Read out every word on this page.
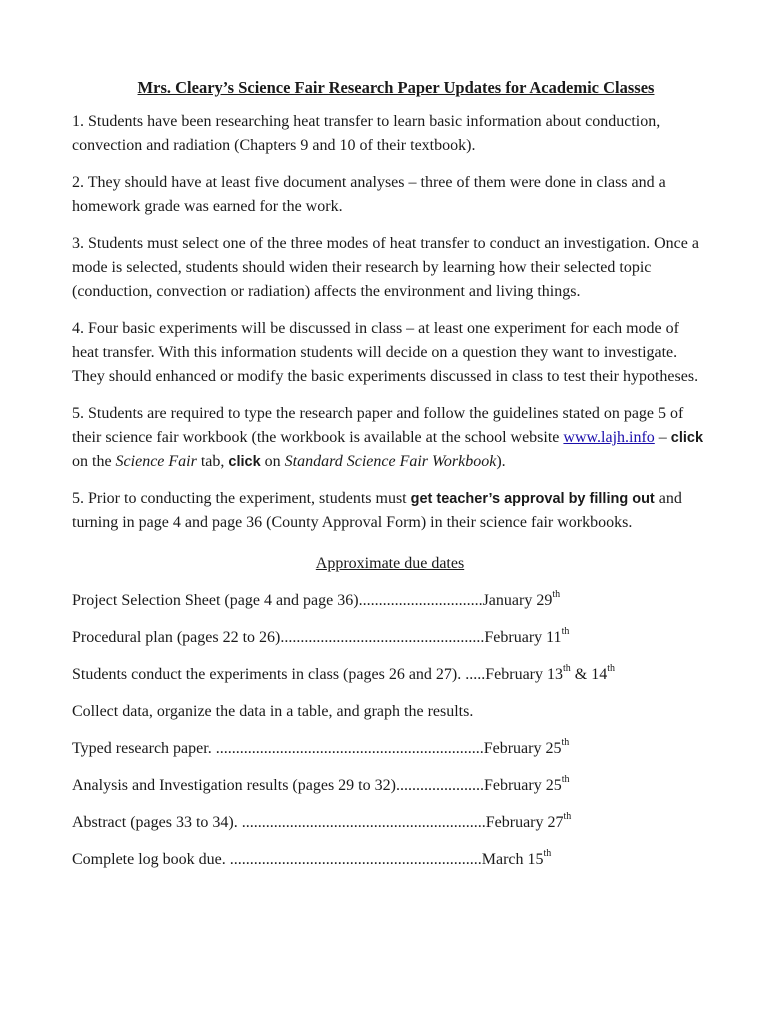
Mrs. Cleary’s Science Fair Research Paper Updates for Academic Classes

1. Students have been researching heat transfer to learn basic information about conduction, convection and radiation (Chapters 9 and 10 of their textbook).

2. They should have at least five document analyses – three of them were done in class and a homework grade was earned for the work.

3. Students must select one of the three modes of heat transfer to conduct an investigation. Once a mode is selected, students should widen their research by learning how their selected topic (conduction, convection or radiation) affects the environment and living things.

4. Four basic experiments will be discussed in class – at least one experiment for each mode of heat transfer. With this information students will decide on a question they want to investigate. They should enhanced or modify the basic experiments discussed in class to test their hypotheses.

5. Students are required to type the research paper and follow the guidelines stated on page 5 of their science fair workbook (the workbook is available at the school website www.lajh.info – click on the Science Fair tab, click on Standard Science Fair Workbook).

5. Prior to conducting the experiment, students must get teacher’s approval by filling out and turning in page 4 and page 36 (County Approval Form) in their science fair workbooks.

Approximate due dates

Project Selection Sheet (page 4 and page 36)...............................January 29th

Procedural plan (pages 22 to 26)...................................................February 11th

Students conduct the experiments in class (pages 26 and 27). .....February 13th & 14th

Collect data, organize the data in a table, and graph the results.

Typed research paper. ...................................................................February 25th

Analysis and Investigation results (pages 29 to 32)......................February 25th

Abstract (pages 33 to 34). .............................................................February 27th

Complete log book due. ...............................................................March 15th
